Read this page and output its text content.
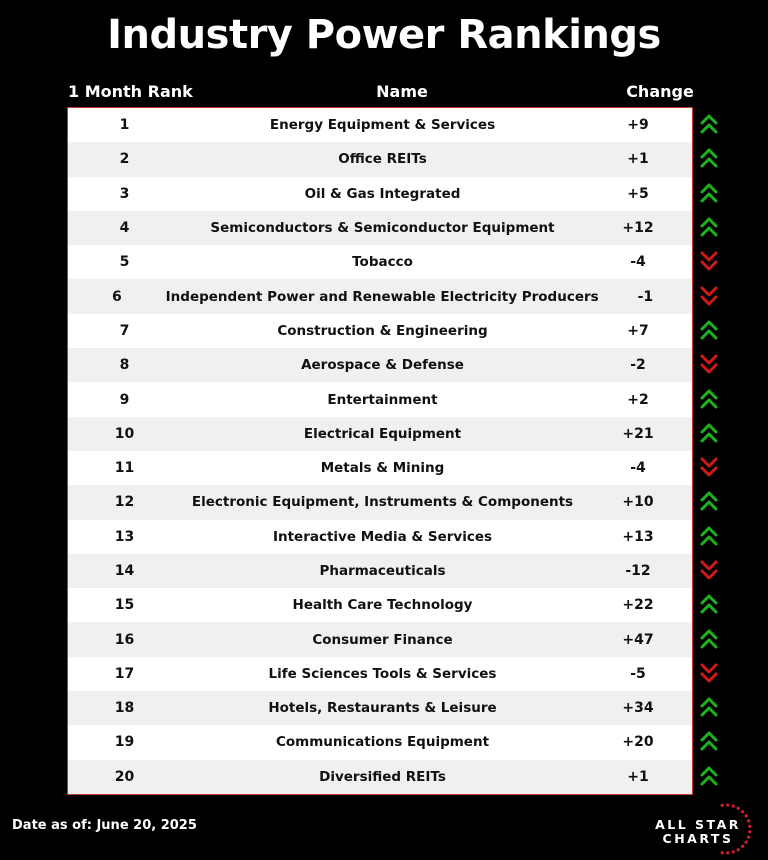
Industry Power Rankings
1 Month Rank	Name	Change
1	Energy Equipment & Services	+9
2	Office REITs	+1
3	Oil & Gas Integrated	+5
4	Semiconductors & Semiconductor Equipment	+12
5	Tobacco	-4
6	Independent Power and Renewable Electricity Producers	-1
7	Construction & Engineering	+7
8	Aerospace & Defense	-2
9	Entertainment	+2
10	Electrical Equipment	+21
11	Metals & Mining	-4
12	Electronic Equipment, Instruments & Components	+10
13	Interactive Media & Services	+13
14	Pharmaceuticals	-12
15	Health Care Technology	+22
16	Consumer Finance	+47
17	Life Sciences Tools & Services	-5
18	Hotels, Restaurants & Leisure	+34
19	Communications Equipment	+20
20	Diversified REITs	+1
Date as of: June 20, 2025	ALL STAR
CHARTS
